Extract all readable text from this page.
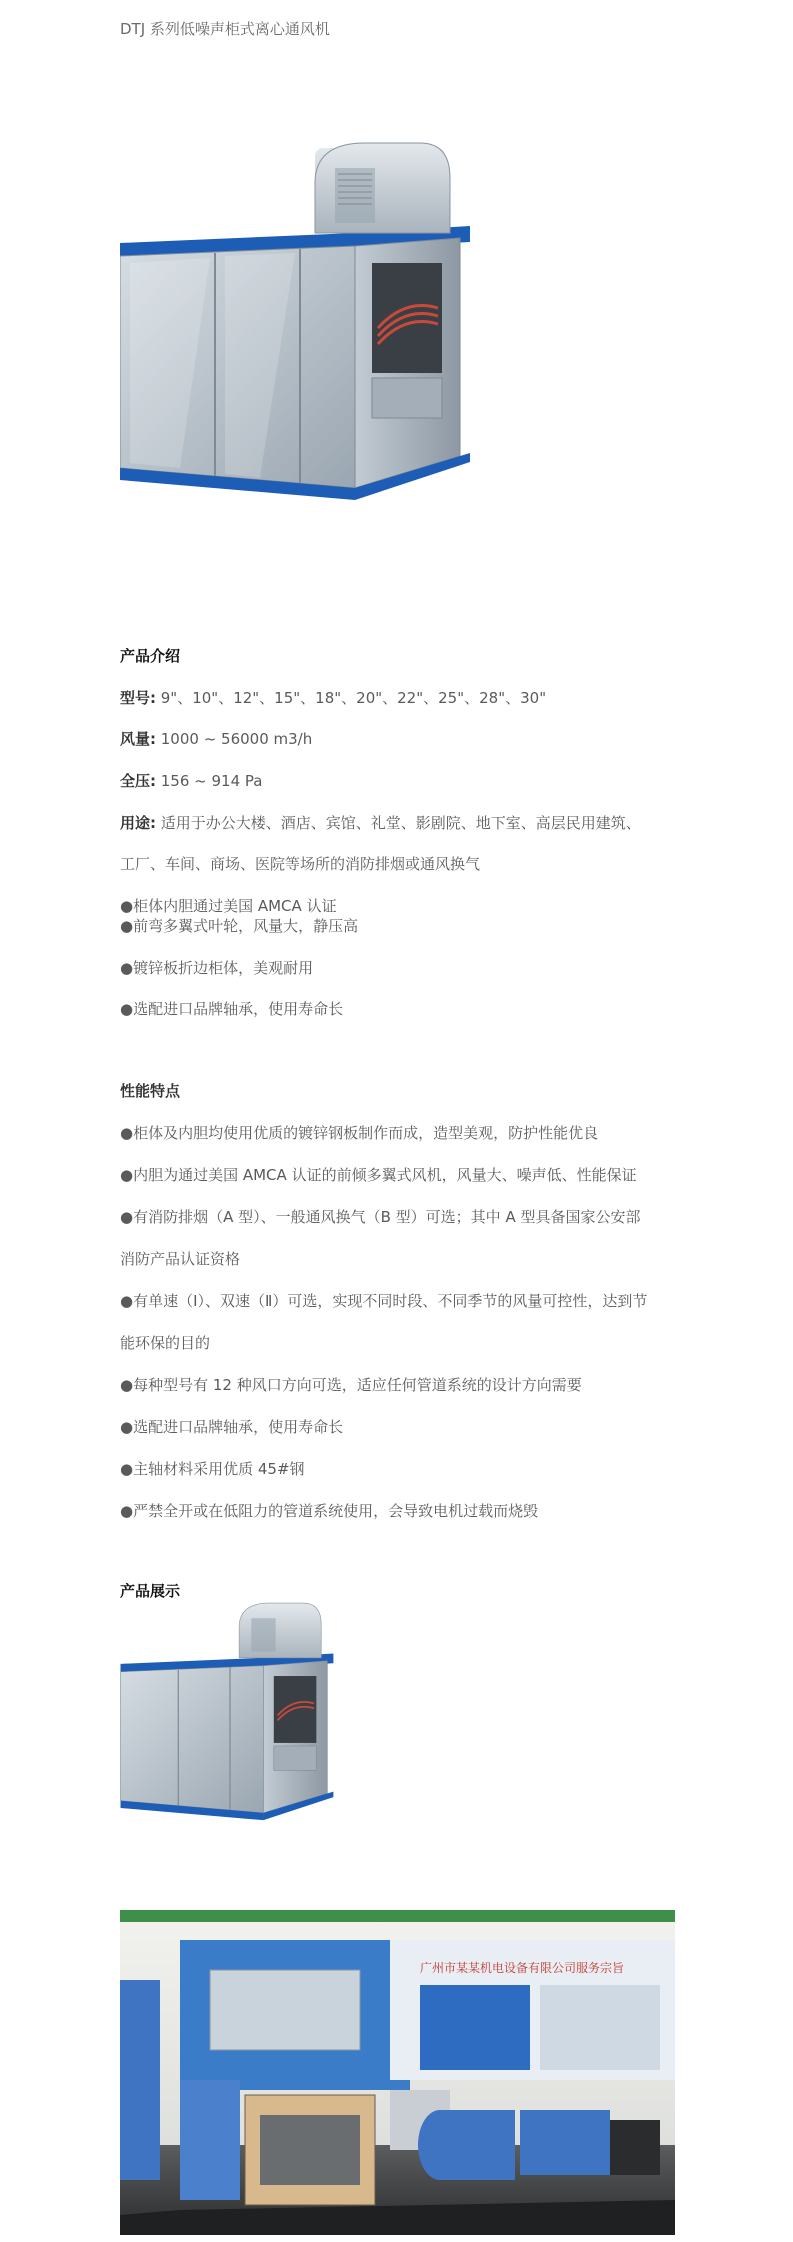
DTJ 系列低噪声柜式离心通风机
产品介绍
型号: 9"、10"、12"、15"、18"、20"、22"、25"、28"、30"
风量: 1000 ~ 56000 m3/h
全压: 156 ~ 914 Pa
用途: 适用于办公大楼、酒店、宾馆、礼堂、影剧院、地下室、高层民用建筑、
工厂、车间、商场、医院等场所的消防排烟或通风换气
●柜体内胆通过美国 AMCA 认证
●前弯多翼式叶轮，风量大，静压高
●镀锌板折边柜体，美观耐用
●选配进口品牌轴承，使用寿命长
性能特点
●柜体及内胆均使用优质的镀锌钢板制作而成，造型美观，防护性能优良
●内胆为通过美国 AMCA 认证的前倾多翼式风机，风量大、噪声低、性能保证
●有消防排烟（A 型）、一般通风换气（B 型）可选；其中 A 型具备国家公安部
消防产品认证资格
●有单速（Ⅰ）、双速（Ⅱ）可选，实现不同时段、不同季节的风量可控性，达到节
能环保的目的
●每种型号有 12 种风口方向可选，适应任何管道系统的设计方向需要
●选配进口品牌轴承，使用寿命长
●主轴材料采用优质 45#钢
●严禁全开或在低阻力的管道系统使用，会导致电机过载而烧毁
产品展示
广州市某某机电设备有限公司服务宗旨
